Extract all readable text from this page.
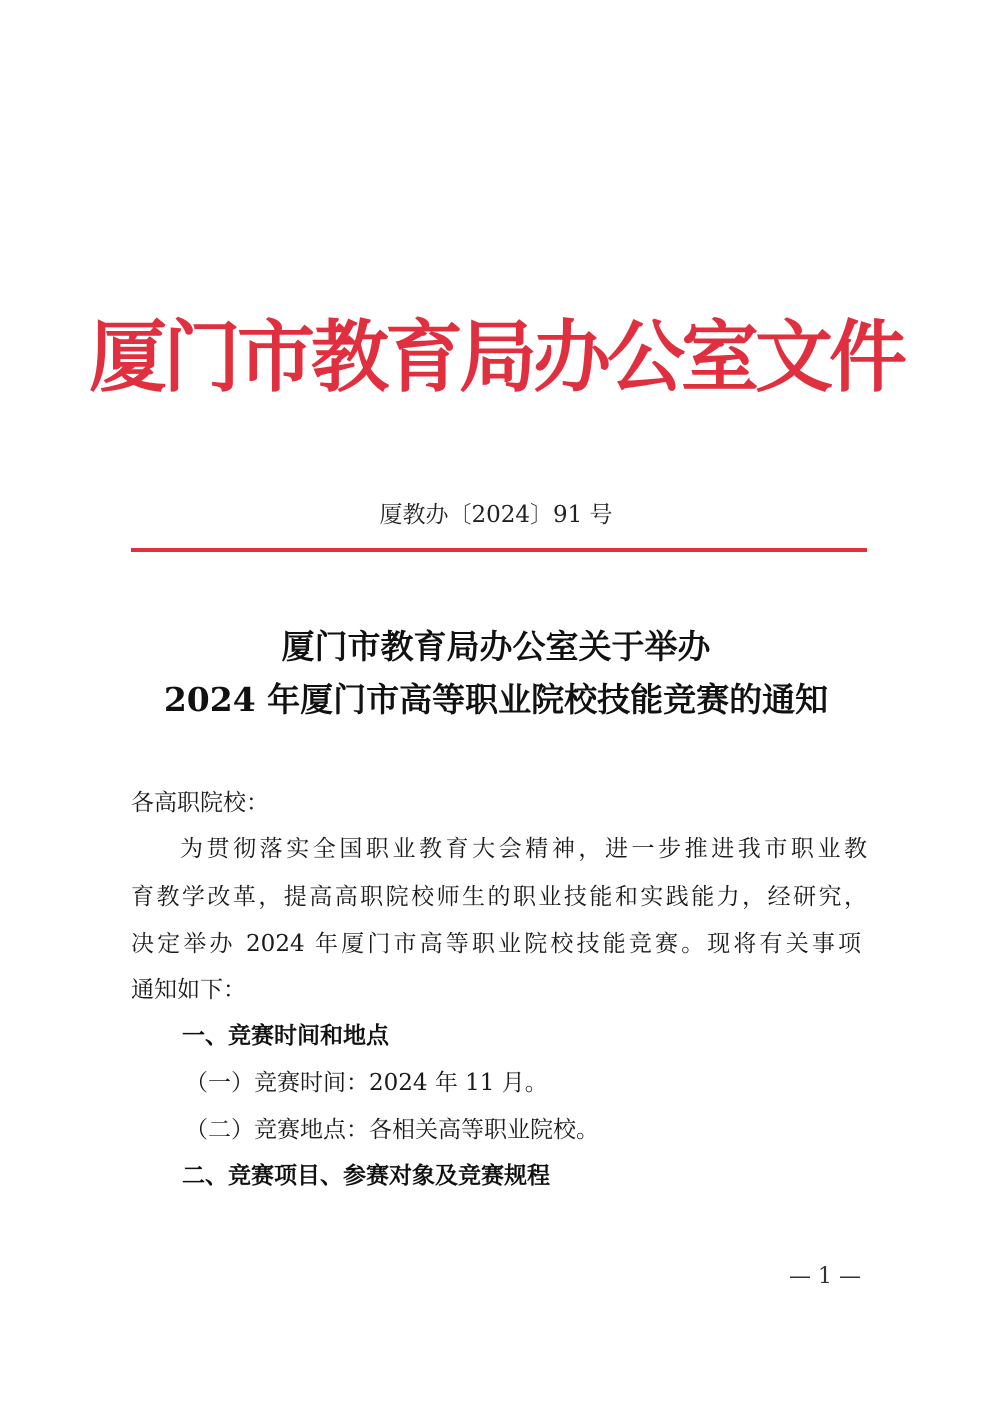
厦门市教育局办公室文件
厦教办〔2024〕91 号
厦门市教育局办公室关于举办
2024 年厦门市高等职业院校技能竞赛的通知
各高职院校：
为贯彻落实全国职业教育大会精神，进一步推进我市职业教
育教学改革，提高高职院校师生的职业技能和实践能力，经研究，
决定举办 2024 年厦门市高等职业院校技能竞赛。现将有关事项
通知如下：
一、竞赛时间和地点
（一）竞赛时间：2024 年 11 月。
（二）竞赛地点：各相关高等职业院校。
二、竞赛项目、参赛对象及竞赛规程
— 1 —
